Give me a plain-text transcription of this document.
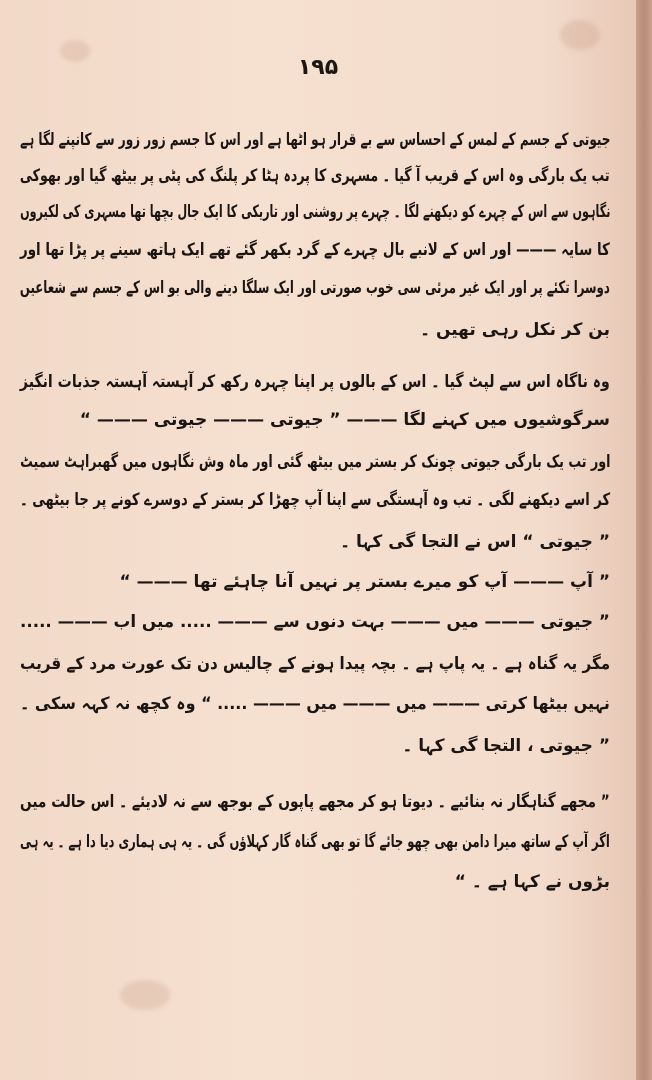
۱۹۵
جیوتی کے جسم کے لمس کے احساس سے بے قرار ہو اٹھا ہے اور اس کا جسم زور زور سے کانپنے لگا ہے
تب یک بارگی وہ اس کے قریب آ گیا ۔ مسہری کا پردہ ہٹا کر پلنگ کی پٹی پر بیٹھ گیا اور بھوکی
نگاہوں سے اس کے چہرے کو دیکھنے لگا ۔ چہرے پر روشنی اور تاریکی کا ایک جال بچھا تھا مسہری کی لکیروں
کا سایہ ——— اور اس کے لانبے بال چہرے کے گرد بکھر گئے تھے ایک ہاتھ سینے پر پڑا تھا اور
دوسرا تکئے پر اور ایک غیر مرئی سی خوب صورتی اور ایک سلگا دینے والی بو اس کے جسم سے شعاعیں
بن کر نکل رہی تھیں ۔
وہ ناگاہ اس سے لپٹ گیا ۔ اس کے بالوں پر اپنا چہرہ رکھ کر آہستہ آہستہ جذبات انگیز
سرگوشیوں میں کہنے لگا ——— ” جیوتی ——— جیوتی ——— “
اور تب یک بارگی جیوتی چونک کر بستر میں بیٹھ گئی اور ماہ وش نگاہوں میں گھبراہٹ سمیٹ
کر اسے دیکھنے لگی ۔ تب وہ آہستگی سے اپنا آپ چھڑا کر بستر کے دوسرے کونے پر جا بیٹھی ۔
” جیوتی “ اس نے التجا گی کہا ۔
” آپ ——— آپ کو میرے بستر پر نہیں آنا چاہئے تھا ——— “
” جیوتی ——— میں ——— بہت دنوں سے ——— ..... میں اب ——— .....
مگر یہ گناہ ہے ۔ یہ پاپ ہے ۔ بچہ پیدا ہونے کے چالیس دن تک عورت مرد کے قریب
نہیں بیٹھا کرتی ——— میں ——— میں ——— ..... “ وہ کچھ نہ کہہ سکی ۔
” جیوتی ، التجا گی کہا ۔
” مجھے گناہگار نہ بنائیے ۔ دیوتا ہو کر مجھے پاپوں کے بوجھ سے نہ لادیئے ۔ اس حالت میں
اگر آپ کے ساتھ میرا دامن بھی چھو جائے گا تو بھی گناہ گار کہلاؤں گی ۔ یہ ہی ہماری دیا دا ہے ۔ یہ ہی
بڑوں نے کہا ہے ۔ “
